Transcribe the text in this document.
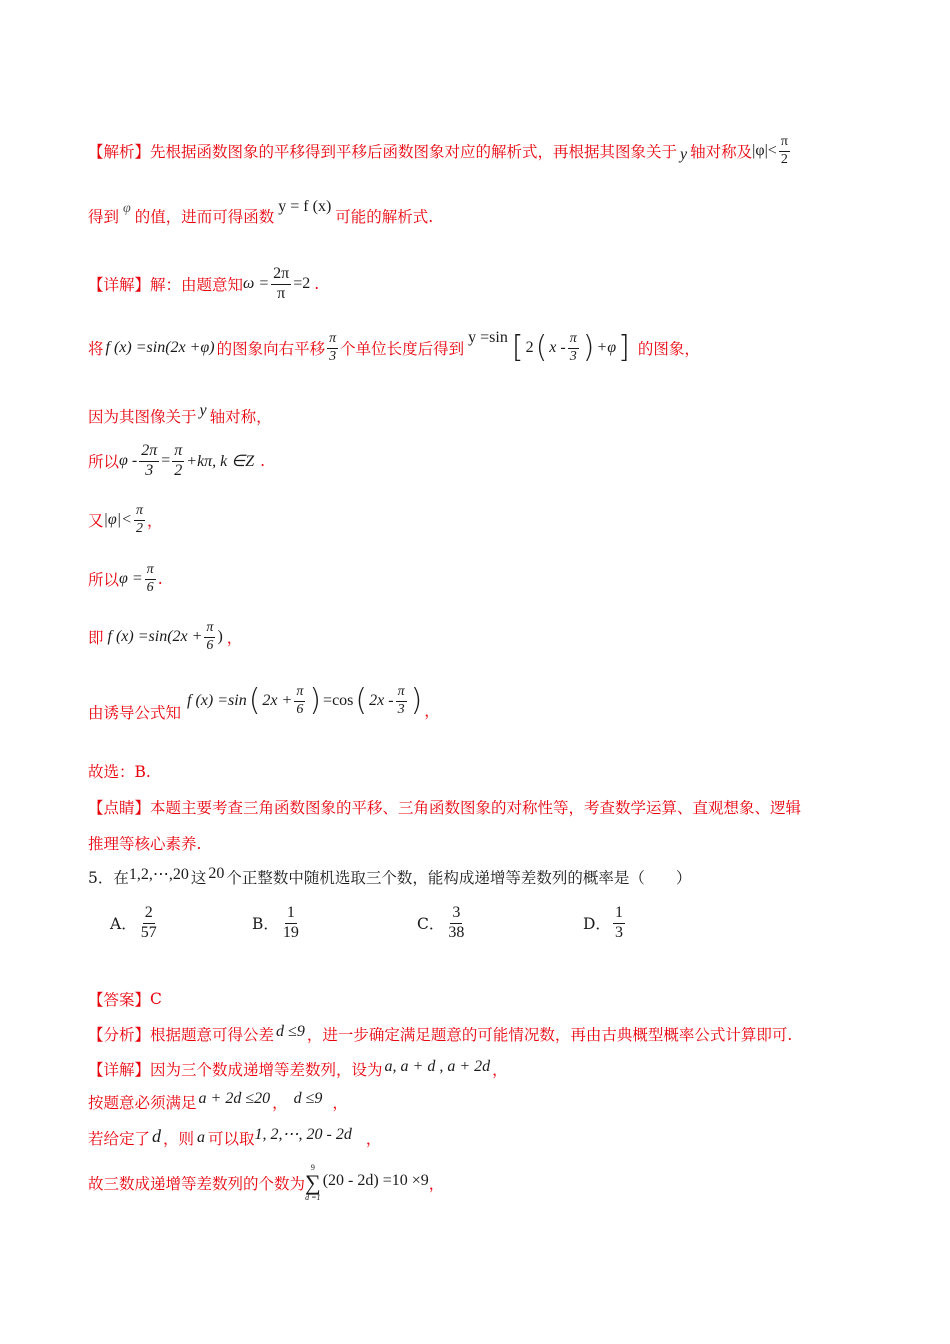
【解析】 先根据函数图象的平移得到平移后函数图象对应的解析式，再根据其图象关于 y 轴对称及 $|\varphi|< \frac{\pi}{2}$
得到 φ 的值，进而可得函数
y = f (x)
可能的解析式.
【详解】 解：由题意知 $\omega = \frac{2\pi}{\pi} =2$ .
将 f (x) =sin(2x +φ) 的图象向右平移 $\frac{\pi}{3}$ 个单位长度后得到
y =sin [ 2 ( x - $\frac{\pi}{3}$ ) +φ ] 的图象，
因为其图像关于 y 轴对称，
所以 $\varphi - \frac{2\pi}{3} = \frac{\pi}{2} +k\pi$, k ∈Z .
又 $|\varphi|< \frac{\pi}{2}$ ，
所以 $\varphi = \frac{\pi}{6}$ .
即 f $(x) =\sin(2x + \frac{\pi}{6}$ ) ，
由诱导公式知
f (x) =sin ( $2x + \frac{\pi}{6}$ ) =cos ( $2x - \frac{\pi}{3}$ ) ，
故选：B.
【点睛】 本题主要考查三角函数图象的平移、三角函数图象的对称性等，考查数学运算、直观想象、逻辑
推理等核心素养.
5．在 1,2,⋯,20 这 20 个正整数中随机选取三个数，能构成递增等差数列的概率是（　　）
A． $\frac{2}{57}$	B． $\frac{1}{19}$	C． $\frac{3}{38}$	D． $\frac{1}{3}$
【答案】 C
【分析】 根据题意可得公差 d ≤9 ，进一步确定满足题意的可能情况数，再由古典概型概率公式计算即可.
【详解】 因为三个数成递增等差数列，设为 a, a + d , a + 2d ，
按题意必须满足 a + 2d ≤20 ， d ≤9 ，
若给定了 d ，则 a 可以取 1, 2,⋯, 20 - 2d ，
故三数成递增等差数列的个数为
9
∑
d =1
(20 - 2d) =10 ×9 ，
